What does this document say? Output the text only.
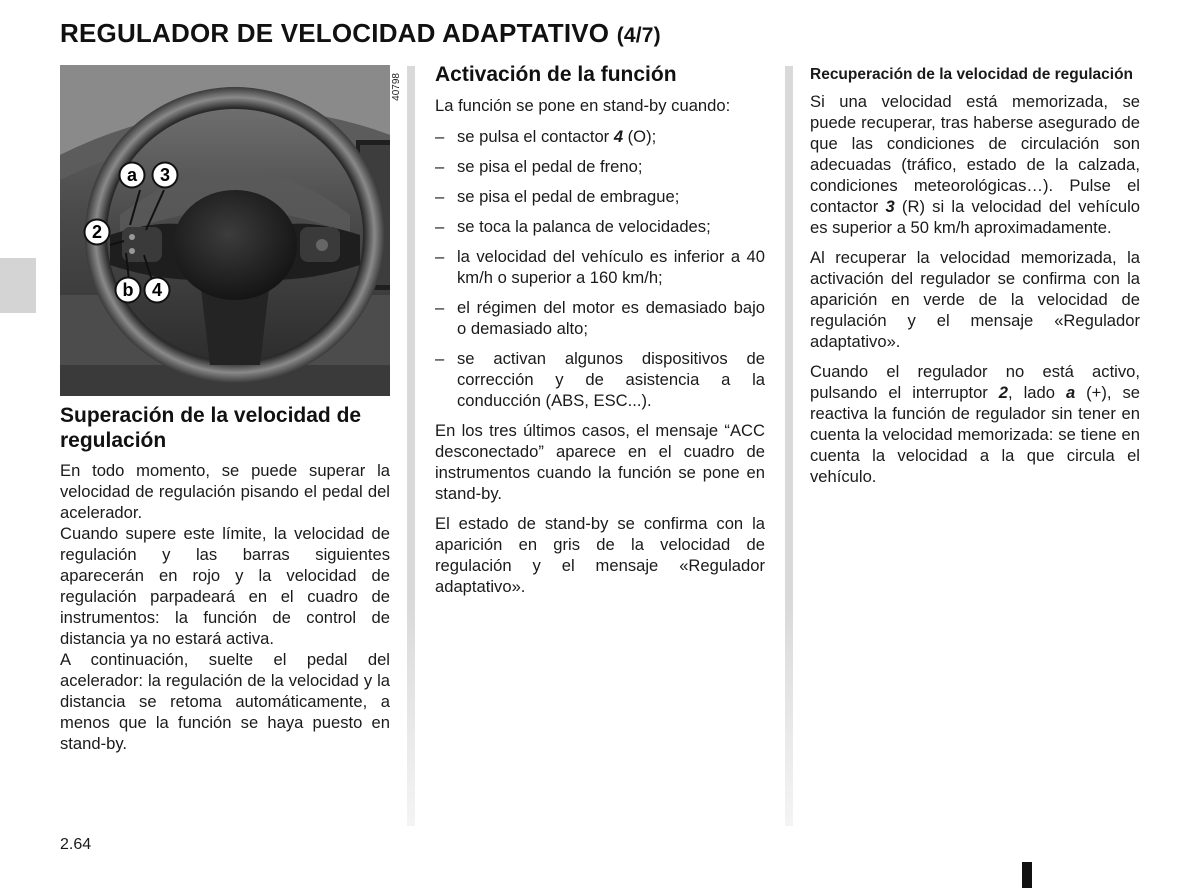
REGULADOR DE VELOCIDAD ADAPTATIVO (4/7)
a 3
2
b 4
40798
Superación de la velocidad de regulación

En todo momento, se puede superar la velocidad de regulación pisando el pedal del acelerador.

Cuando supere este límite, la velocidad de regulación y las barras siguientes aparecerán en rojo y la velocidad de regulación parpadeará en el cuadro de instrumentos: la función de control de distancia ya no estará activa.

A continuación, suelte el pedal del acelerador: la regulación de la velocidad y la distancia se retoma automáticamente, a menos que la función se haya puesto en stand-by.

Activación de la función

La función se pone en stand-by cuando:

– se pulsa el contactor 4 (O);
– se pisa el pedal de freno;
– se pisa el pedal de embrague;
– se toca la palanca de velocidades;
– la velocidad del vehículo es inferior a 40 km/h o superior a 160 km/h;
– el régimen del motor es demasiado bajo o demasiado alto;
– se activan algunos dispositivos de corrección y de asistencia a la conducción (ABS, ESC...).

En los tres últimos casos, el mensaje “ACC desconectado” aparece en el cuadro de instrumentos cuando la función se pone en stand-by.

El estado de stand-by se confirma con la aparición en gris de la velocidad de regulación y el mensaje «Regulador adaptativo».

Recuperación de la velocidad de regulación

Si una velocidad está memorizada, se puede recuperar, tras haberse asegurado de que las condiciones de circulación son adecuadas (tráfico, estado de la calzada, condiciones meteorológicas…). Pulse el contactor 3 (R) si la velocidad del vehículo es superior a 50 km/h aproximadamente.

Al recuperar la velocidad memorizada, la activación del regulador se confirma con la aparición en verde de la velocidad de regulación y el mensaje «Regulador adaptativo».

Cuando el regulador no está activo, pulsando el interruptor 2, lado a (+), se reactiva la función de regulador sin tener en cuenta la velocidad memorizada: se tiene en cuenta la velocidad a la que circula el vehículo.

2.64
